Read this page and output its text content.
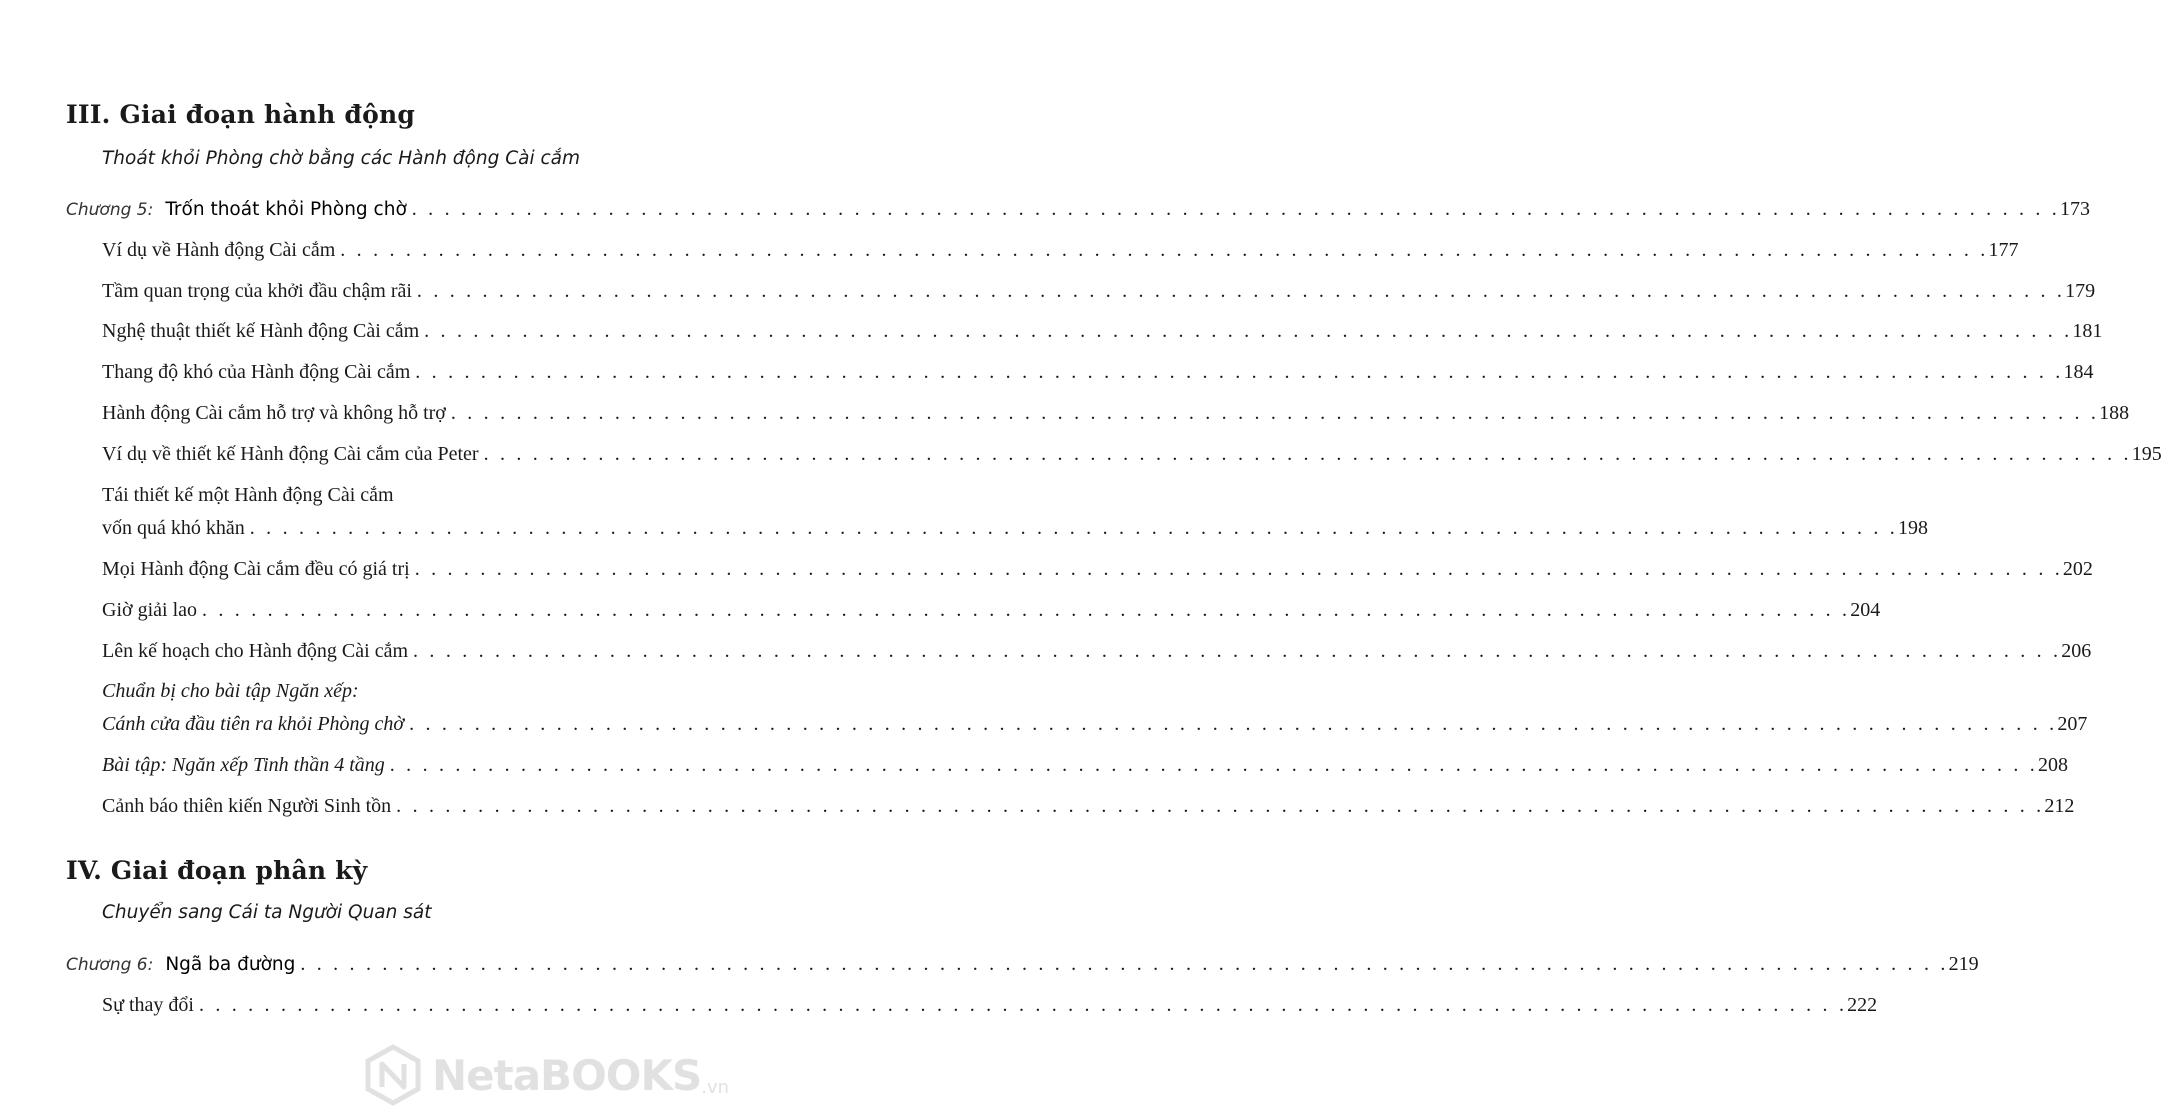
III. Giai đoạn hành động
Thoát khỏi Phòng chờ bằng các Hành động Cài cắm
Chương 5: Trốn thoát khỏi Phòng chờ . . .	173
Ví dụ về Hành động Cài cắm . . .	177
Tầm quan trọng của khởi đầu chậm rãi . . .	179
Nghệ thuật thiết kế Hành động Cài cắm . . .	181
Thang độ khó của Hành động Cài cắm . . .	184
Hành động Cài cắm hỗ trợ và không hỗ trợ . . .	188
Ví dụ về thiết kế Hành động Cài cắm của Peter . . .	195
Tái thiết kế một Hành động Cài cắm
vốn quá khó khăn . . .	198
Mọi Hành động Cài cắm đều có giá trị . . .	202
Giờ giải lao . . .	204
Lên kế hoạch cho Hành động Cài cắm . . .	206
Chuẩn bị cho bài tập Ngăn xếp:
Cánh cửa đầu tiên ra khỏi Phòng chờ . . .	207
Bài tập: Ngăn xếp Tinh thần 4 tầng . . .	208
Cảnh báo thiên kiến Người Sinh tồn . . .	212
IV. Giai đoạn phân kỳ
Chuyển sang Cái ta Người Quan sát
Chương 6: Ngã ba đường . . .	219
Sự thay đổi . . .	222
NetaBOOKS .vn
